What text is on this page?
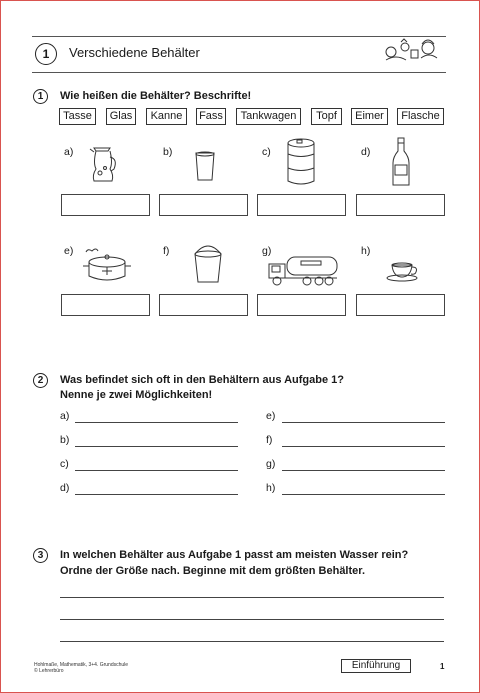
1	Verschiedene Behälter
1	Wie heißen die Behälter? Beschrifte!
Tasse	Glas	Kanne	Fass	Tankwagen	Topf	Eimer	Flasche
a)	b)	c)	d)
e)	f)	g)	h)
2	Was befindet sich oft in den Behältern aus Aufgabe 1?
Nenne je zwei Möglichkeiten!
a)
b)
c)
d)
e)
f)
g)
h)
3	In welchen Behälter aus Aufgabe 1 passt am meisten Wasser rein?
Ordne der Größe nach. Beginne mit dem größten Behälter.
Hohlmaße, Mathematik, 3+4. Grundschule
© Lehrerbüro	Einführung	1
